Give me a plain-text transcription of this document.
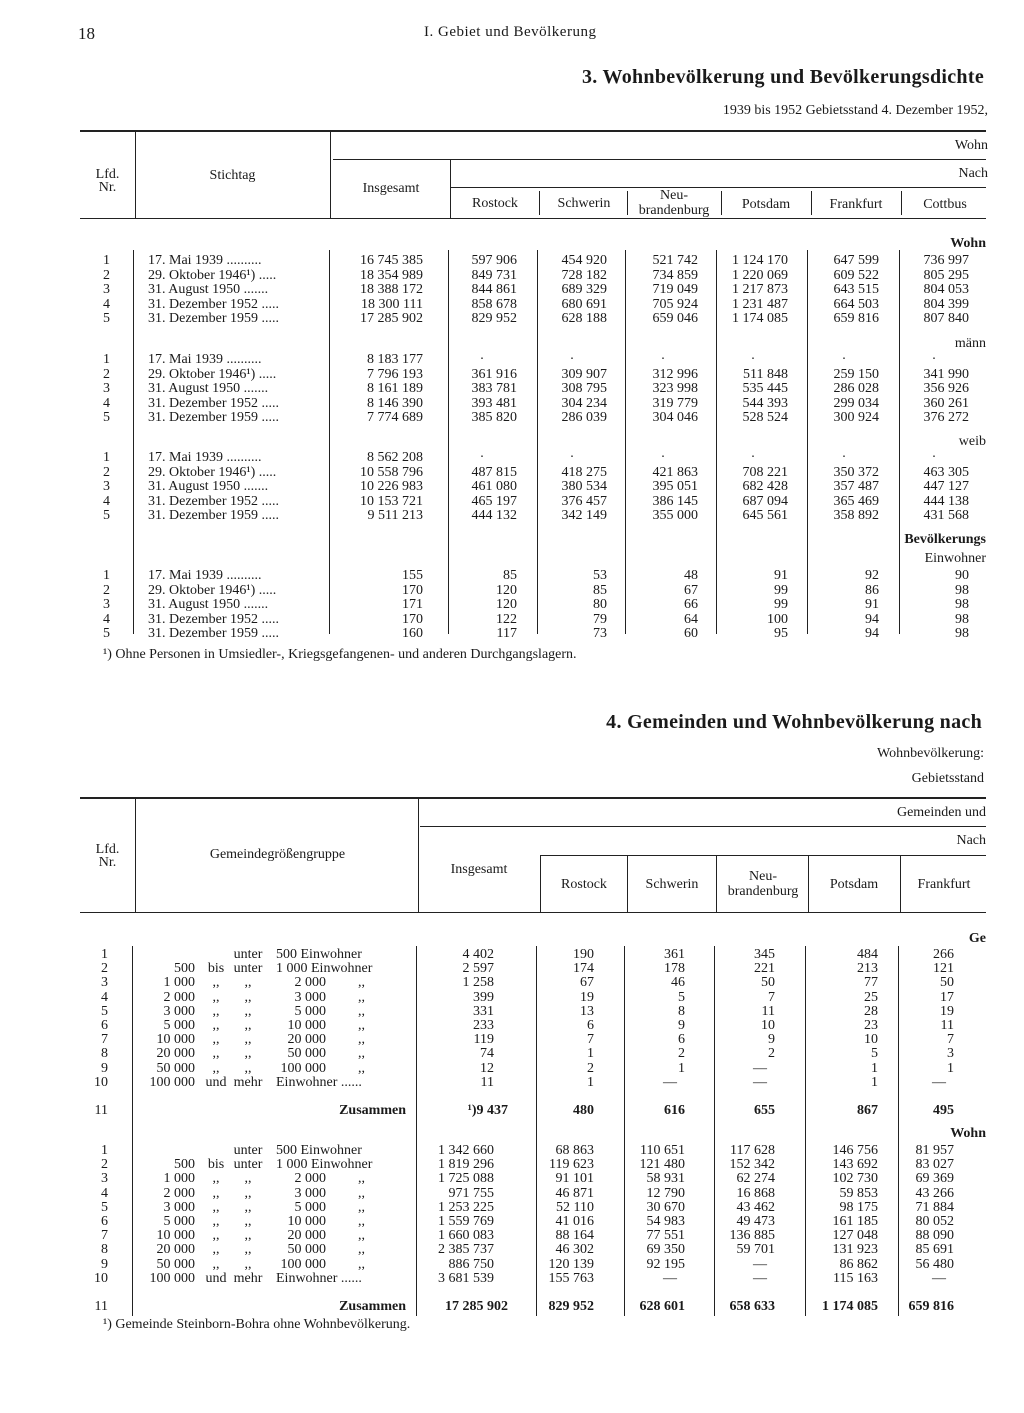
18	I. Gebiet und Bevölkerung
3. Wohnbevölkerung und Bevölkerungsdichte
1939 bis 1952 Gebietsstand 4. Dezember 1952,
Lfd.
Nr.
Stichtag
Insgesamt
Wohn
Nach
Rostock	Schwerin
Neu-
brandenburg	Potsdam	Frankfurt	Cottbus
Wohn
männ
weib
Bevölkerungs
Einwohner
1	17. Mai 1939 ..........	16 745 385	597 906	454 920	521 742	1 124 170	647 599	736 997
2	29. Oktober 1946¹) .....	18 354 989	849 731	728 182	734 859	1 220 069	609 522	805 295
3	31. August 1950 .......	18 388 172	844 861	689 329	719 049	1 217 873	643 515	804 053
4	31. Dezember 1952 .....	18 300 111	858 678	680 691	705 924	1 231 487	664 503	804 399
5	31. Dezember 1959 .....	17 285 902	829 952	628 188	659 046	1 174 085	659 816	807 840
1	17. Mai 1939 ..........	8 183 177	.	.	.	.	.	.
2	29. Oktober 1946¹) .....	7 796 193	361 916	309 907	312 996	511 848	259 150	341 990
3	31. August 1950 .......	8 161 189	383 781	308 795	323 998	535 445	286 028	356 926
4	31. Dezember 1952 .....	8 146 390	393 481	304 234	319 779	544 393	299 034	360 261
5	31. Dezember 1959 .....	7 774 689	385 820	286 039	304 046	528 524	300 924	376 272
1	17. Mai 1939 ..........	8 562 208	.	.	.	.	.	.
2	29. Oktober 1946¹) .....	10 558 796	487 815	418 275	421 863	708 221	350 372	463 305
3	31. August 1950 .......	10 226 983	461 080	380 534	395 051	682 428	357 487	447 127
4	31. Dezember 1952 .....	10 153 721	465 197	376 457	386 145	687 094	365 469	444 138
5	31. Dezember 1959 .....	9 511 213	444 132	342 149	355 000	645 561	358 892	431 568
1	17. Mai 1939 ..........	155	85	53	48	91	92	90
2	29. Oktober 1946¹) .....	170	120	85	67	99	86	98
3	31. August 1950 .......	171	120	80	66	99	91	98
4	31. Dezember 1952 .....	170	122	79	64	100	94	98
5	31. Dezember 1959 .....	160	117	73	60	95	94	98
¹) Ohne Personen in Umsiedler-, Kriegsgefangenen- und anderen Durchgangslagern.
4. Gemeinden und Wohnbevölkerung nach
Wohnbevölkerung:
Gebietsstand
Lfd.
Nr.
Gemeindegrößengruppe
Insgesamt
Gemeinden und
Nach
Rostock	Schwerin
Neu-
brandenburg	Potsdam	Frankfurt
Ge
Wohn
1	unter 500 Einwohner	4 402	190	361	345	484	266
2	500 bis unter 1 000 Einwohner	2 597	174	178	221	213	121
3	1 000	,,	,,	2 000 ,,	1 258	67	46	50	77	50
4	2 000	,,	,,	3 000 ,,	399	19	5	7	25	17
5	3 000	,,	,,	5 000 ,,	331	13	8	11	28	19
6	5 000	,,	,,	10 000 ,,	233	6	9	10	23	11
7	10 000	,,	,,	20 000 ,,	119	7	6	9	10	7
8	20 000	,,	,,	50 000 ,,	74	1	2	2	5	3
9	50 000	,,	,,	100 000 ,,	12	2	1	—	1	1
10	100 000 und mehr Einwohner ......	11	1	—	—	1	—
11	Zusammen	¹)9 437	480	616	655	867	495
1	unter 500 Einwohner	1 342 660	68 863	110 651	117 628	146 756	81 957
2	500 bis unter 1 000 Einwohner	1 819 296	119 623	121 480	152 342	143 692	83 027
3	1 000	,,	,,	2 000 ,,	1 725 088	91 101	58 931	62 274	102 730	69 369
4	2 000	,,	,,	3 000 ,,	971 755	46 871	12 790	16 868	59 853	43 266
5	3 000	,,	,,	5 000 ,,	1 253 225	52 110	30 670	43 462	98 175	71 884
6	5 000	,,	,,	10 000 ,,	1 559 769	41 016	54 983	49 473	161 185	80 052
7	10 000	,,	,,	20 000 ,,	1 660 083	88 164	77 551	136 885	127 048	88 090
8	20 000	,,	,,	50 000 ,,	2 385 737	46 302	69 350	59 701	131 923	85 691
9	50 000	,,	,,	100 000 ,,	886 750	120 139	92 195	—	86 862	56 480
10	100 000 und mehr Einwohner ......	3 681 539	155 763	—	—	115 163	—
11	Zusammen	17 285 902	829 952	628 601	658 633	1 174 085	659 816
¹) Gemeinde Steinborn-Bohra ohne Wohnbevölkerung.
